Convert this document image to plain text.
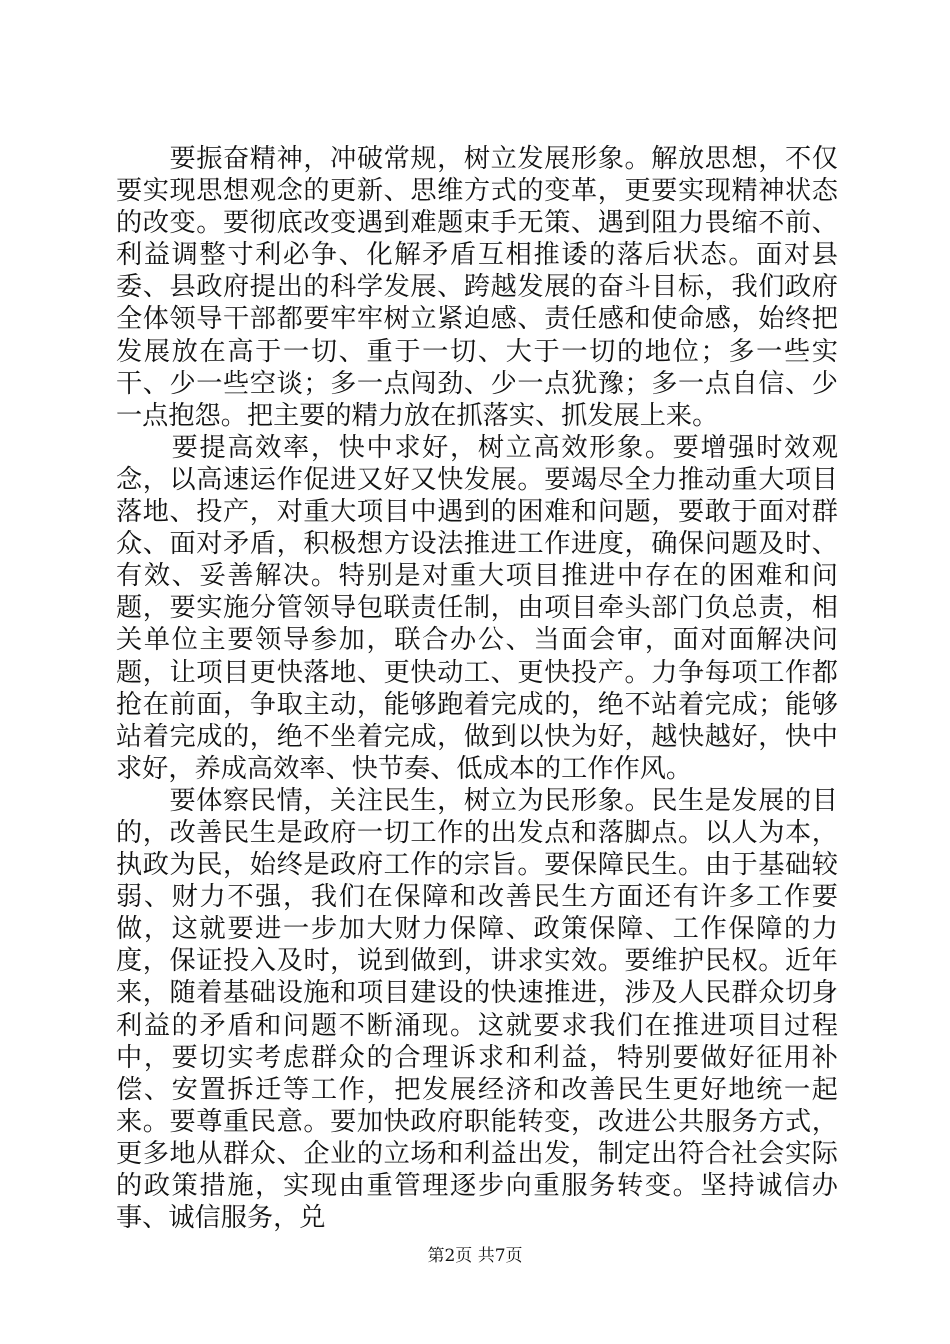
　　要振奋精神，冲破常规，树立发展形象。解放思想，不仅要实现思想观念的更新、思维方式的变革，更要实现精神状态的改变。要彻底改变遇到难题束手无策、遇到阻力畏缩不前、利益调整寸利必争、化解矛盾互相推诿的落后状态。面对县委、县政府提出的科学发展、跨越发展的奋斗目标，我们政府全体领导干部都要牢牢树立紧迫感、责任感和使命感，始终把发展放在高于一切、重于一切、大于一切的地位；多一些实干、少一些空谈；多一点闯劲、少一点犹豫；多一点自信、少一点抱怨。把主要的精力放在抓落实、抓发展上来。

　　要提高效率，快中求好，树立高效形象。要增强时效观念，以高速运作促进又好又快发展。要竭尽全力推动重大项目落地、投产，对重大项目中遇到的困难和问题，要敢于面对群众、面对矛盾，积极想方设法推进工作进度，确保问题及时、有效、妥善解决。特别是对重大项目推进中存在的困难和问题，要实施分管领导包联责任制，由项目牵头部门负总责，相关单位主要领导参加，联合办公、当面会审，面对面解决问题，让项目更快落地、更快动工、更快投产。力争每项工作都抢在前面，争取主动，能够跑着完成的，绝不站着完成；能够站着完成的，绝不坐着完成，做到以快为好，越快越好，快中求好，养成高效率、快节奏、低成本的工作作风。

　　要体察民情，关注民生，树立为民形象。民生是发展的目的，改善民生是政府一切工作的出发点和落脚点。以人为本，执政为民，始终是政府工作的宗旨。要保障民生。由于基础较弱、财力不强，我们在保障和改善民生方面还有许多工作要做，这就要进一步加大财力保障、政策保障、工作保障的力度，保证投入及时，说到做到，讲求实效。要维护民权。近年来，随着基础设施和项目建设的快速推进，涉及人民群众切身利益的矛盾和问题不断涌现。这就要求我们在推进项目过程中，要切实考虑群众的合理诉求和利益，特别要做好征用补偿、安置拆迁等工作，把发展经济和改善民生更好地统一起来。要尊重民意。要加快政府职能转变，改进公共服务方式，更多地从群众、企业的立场和利益出发，制定出符合社会实际的政策措施，实现由重管理逐步向重服务转变。坚持诚信办事、诚信服务，兑

第2页 共7页
